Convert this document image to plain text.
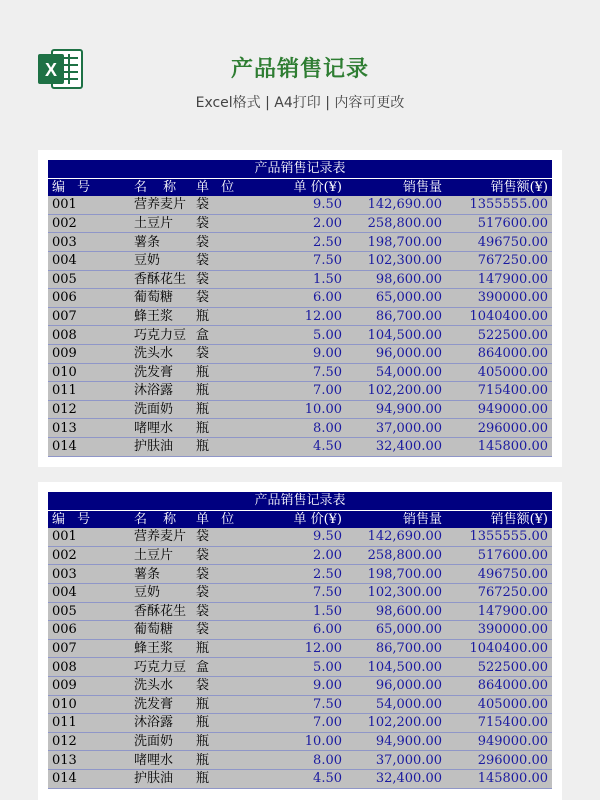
X	产品销售记录
Excel格式 | A4打印 | 内容可更改
产品销售记录表					
编 号	名 称	单 位	单 价(¥)	销售量	销售额(¥)
001	营养麦片	袋	9.50	142,690.00	1355555.00
002	土豆片	袋	2.00	258,800.00	517600.00
003	薯条	袋	2.50	198,700.00	496750.00
004	豆奶	袋	7.50	102,300.00	767250.00
005	香酥花生	袋	1.50	98,600.00	147900.00
006	葡萄糖	袋	6.00	65,000.00	390000.00
007	蜂王浆	瓶	12.00	86,700.00	1040400.00
008	巧克力豆	盒	5.00	104,500.00	522500.00
009	洗头水	袋	9.00	96,000.00	864000.00
010	洗发膏	瓶	7.50	54,000.00	405000.00
011	沐浴露	瓶	7.00	102,200.00	715400.00
012	洗面奶	瓶	10.00	94,900.00	949000.00
013	啫哩水	瓶	8.00	37,000.00	296000.00
014	护肤油	瓶	4.50	32,400.00	145800.00
产品销售记录表					
编 号	名 称	单 位	单 价(¥)	销售量	销售额(¥)
001	营养麦片	袋	9.50	142,690.00	1355555.00
002	土豆片	袋	2.00	258,800.00	517600.00
003	薯条	袋	2.50	198,700.00	496750.00
004	豆奶	袋	7.50	102,300.00	767250.00
005	香酥花生	袋	1.50	98,600.00	147900.00
006	葡萄糖	袋	6.00	65,000.00	390000.00
007	蜂王浆	瓶	12.00	86,700.00	1040400.00
008	巧克力豆	盒	5.00	104,500.00	522500.00
009	洗头水	袋	9.00	96,000.00	864000.00
010	洗发膏	瓶	7.50	54,000.00	405000.00
011	沐浴露	瓶	7.00	102,200.00	715400.00
012	洗面奶	瓶	10.00	94,900.00	949000.00
013	啫哩水	瓶	8.00	37,000.00	296000.00
014	护肤油	瓶	4.50	32,400.00	145800.00
